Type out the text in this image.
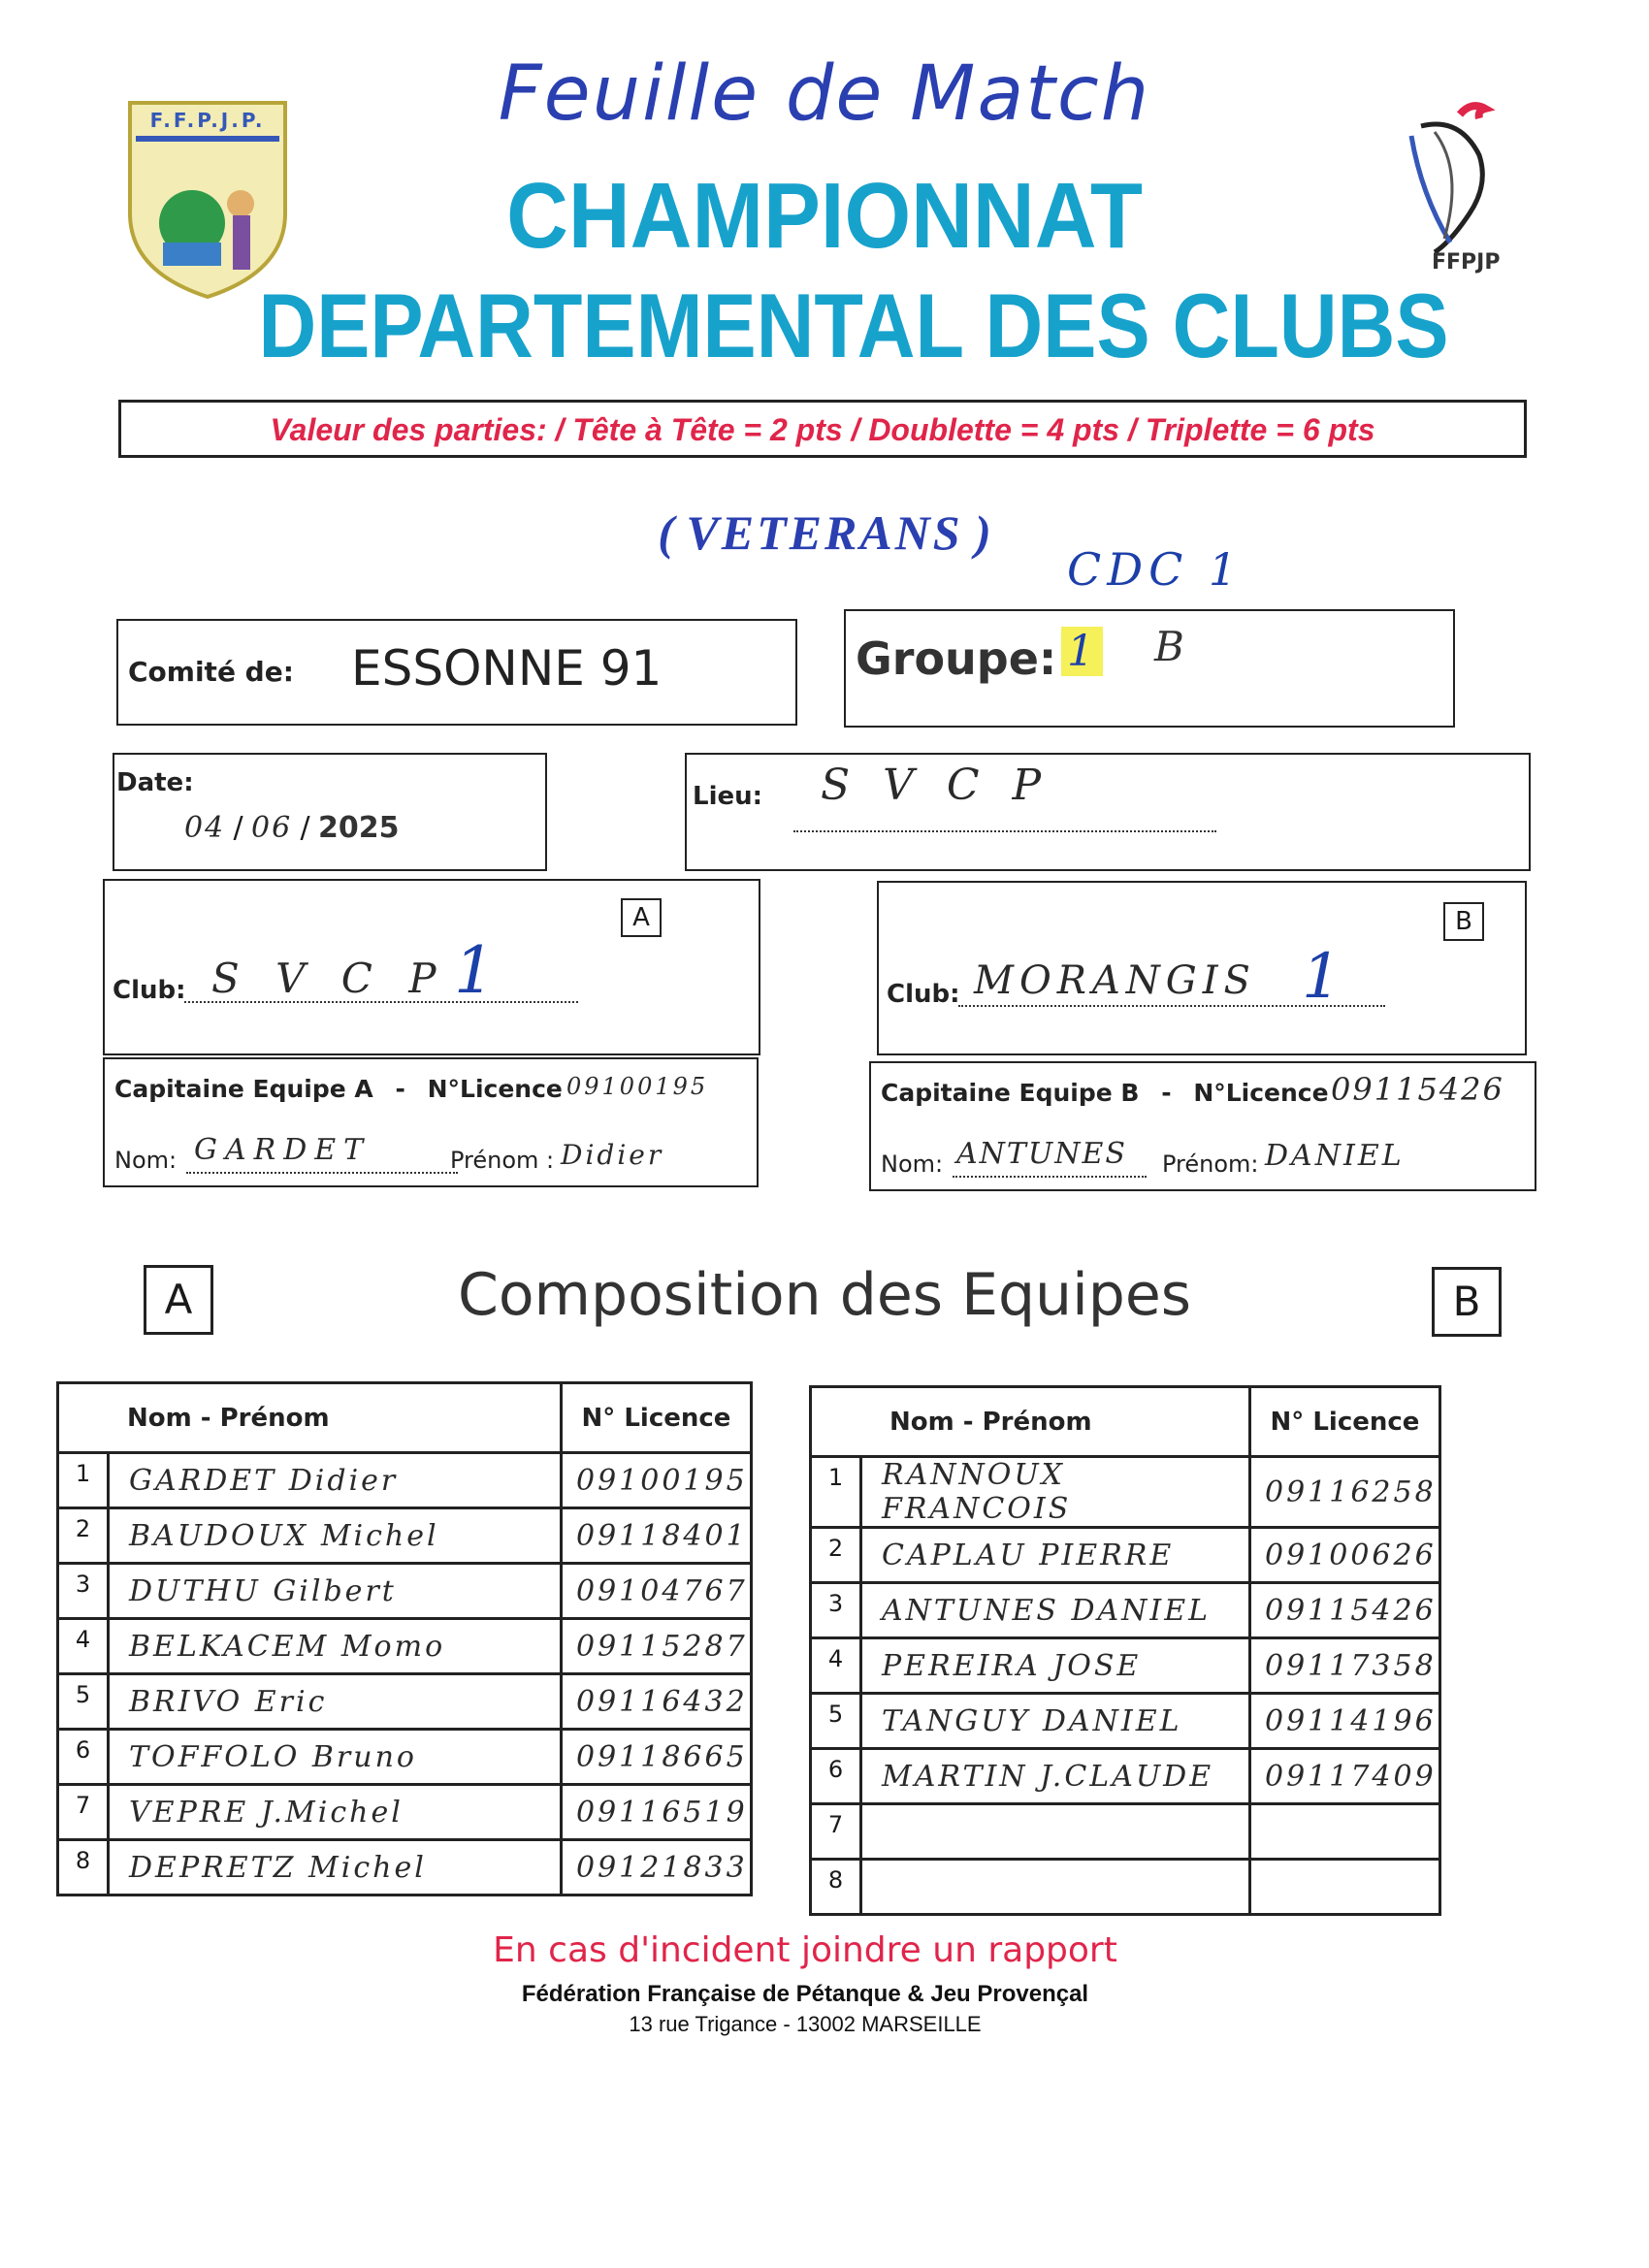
F.F.P.J.P.
FFPJP
Feuille de Match
CHAMPIONNAT
DEPARTEMENTAL DES CLUBS
Valeur des parties: / Tête à Tête = 2 pts / Doublette = 4 pts / Triplette = 6 pts
( VETERANS )
CDC 1
Comité de: ESSONNE 91	Groupe: 1 B
Date:
04 / 06 / 2025
Lieu: S V C P
A
Club: S V C P 1
B
Club: MORANGIS 1
Capitaine Equipe A - N°Licence 09100195
Nom: GARDET	Prénom : Didier
Capitaine Equipe B - N°Licence 09115426
Nom: ANTUNES Prénom: DANIEL
A	Composition des Equipes	B
Nom - Prénom		N° Licence
1	GARDET Didier	09100195
2	BAUDOUX Michel	09118401
3	DUTHU Gilbert	09104767
4	BELKACEM Momo	09115287
5	BRIVO Eric	09116432
6	TOFFOLO Bruno	09118665
7	VEPRE J.Michel	09116519
8	DEPRETZ Michel	09121833
Nom - Prénom		N° Licence
1	RANNOUX FRANCOIS	09116258
2	CAPLAU PIERRE	09100626
3	ANTUNES DANIEL	09115426
4	PEREIRA JOSE	09117358
5	TANGUY DANIEL	09114196
6	MARTIN J.CLAUDE	09117409
7		
8		
En cas d'incident joindre un rapport
Fédération Française de Pétanque & Jeu Provençal
13 rue Trigance - 13002 MARSEILLE
